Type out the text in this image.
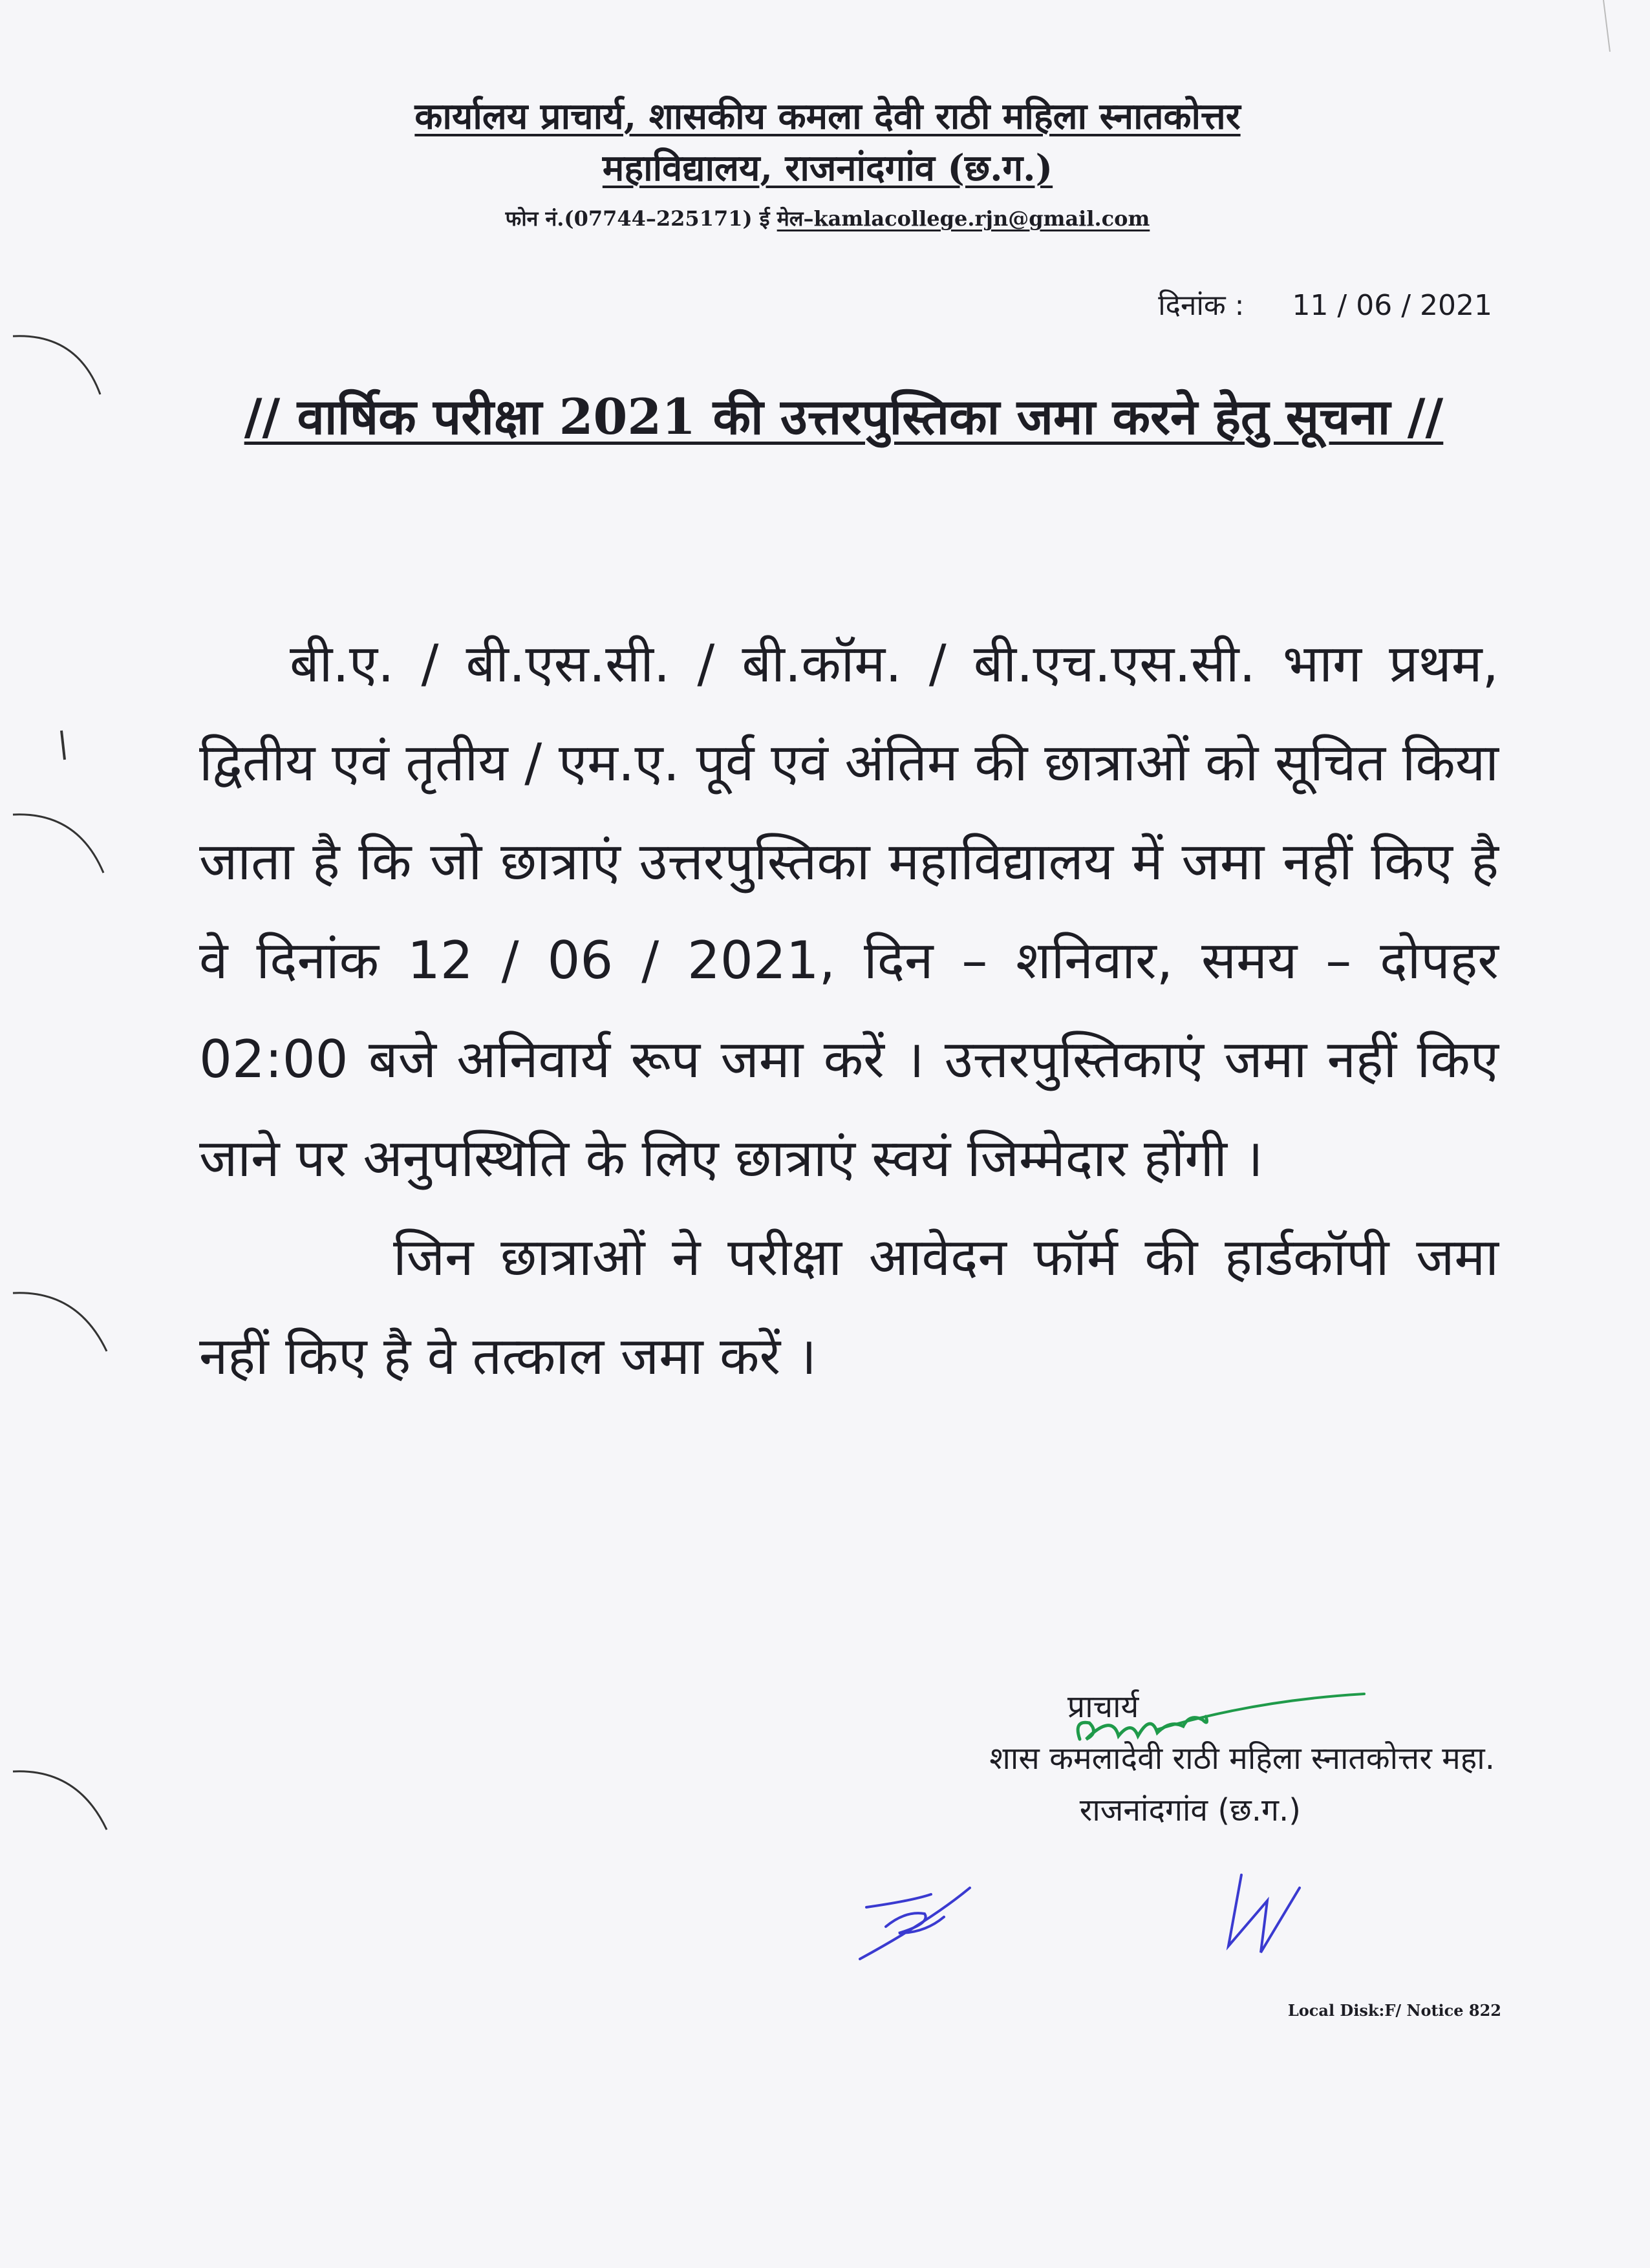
कार्यालय प्राचार्य, शासकीय कमला देवी राठी महिला स्नातकोत्तर
महाविद्यालय, राजनांदगांव (छ.ग.)
फोन नं.(07744–225171) ई मेल–kamlacollege.rjn@gmail.com
दिनांक : 11 / 06 / 2021
// वार्षिक परीक्षा 2021 की उत्तरपुस्तिका जमा करने हेतु सूचना //

बी.ए. / बी.एस.सी. / बी.कॉम. / बी.एच.एस.सी. भाग प्रथम, द्वितीय एवं तृतीय / एम.ए. पूर्व एवं अंतिम की छात्राओं को सूचित किया जाता है कि जो छात्राएं उत्तरपुस्तिका महाविद्यालय में जमा नहीं किए है वे दिनांक 12 / 06 / 2021, दिन – शनिवार, समय – दोपहर 02:00 बजे अनिवार्य रूप जमा करें । उत्तरपुस्तिकाएं जमा नहीं किए जाने पर अनुपस्थिति के लिए छात्राएं स्वयं जिम्मेदार होंगी ।

जिन छात्राओं ने परीक्षा आवेदन फॉर्म की हार्डकॉपी जमा नहीं किए है वे तत्काल जमा करें ।

प्राचार्य
शास कमलादेवी राठी महिला स्नातकोत्तर महा.
राजनांदगांव (छ.ग.)
Local Disk:F/ Notice 822
